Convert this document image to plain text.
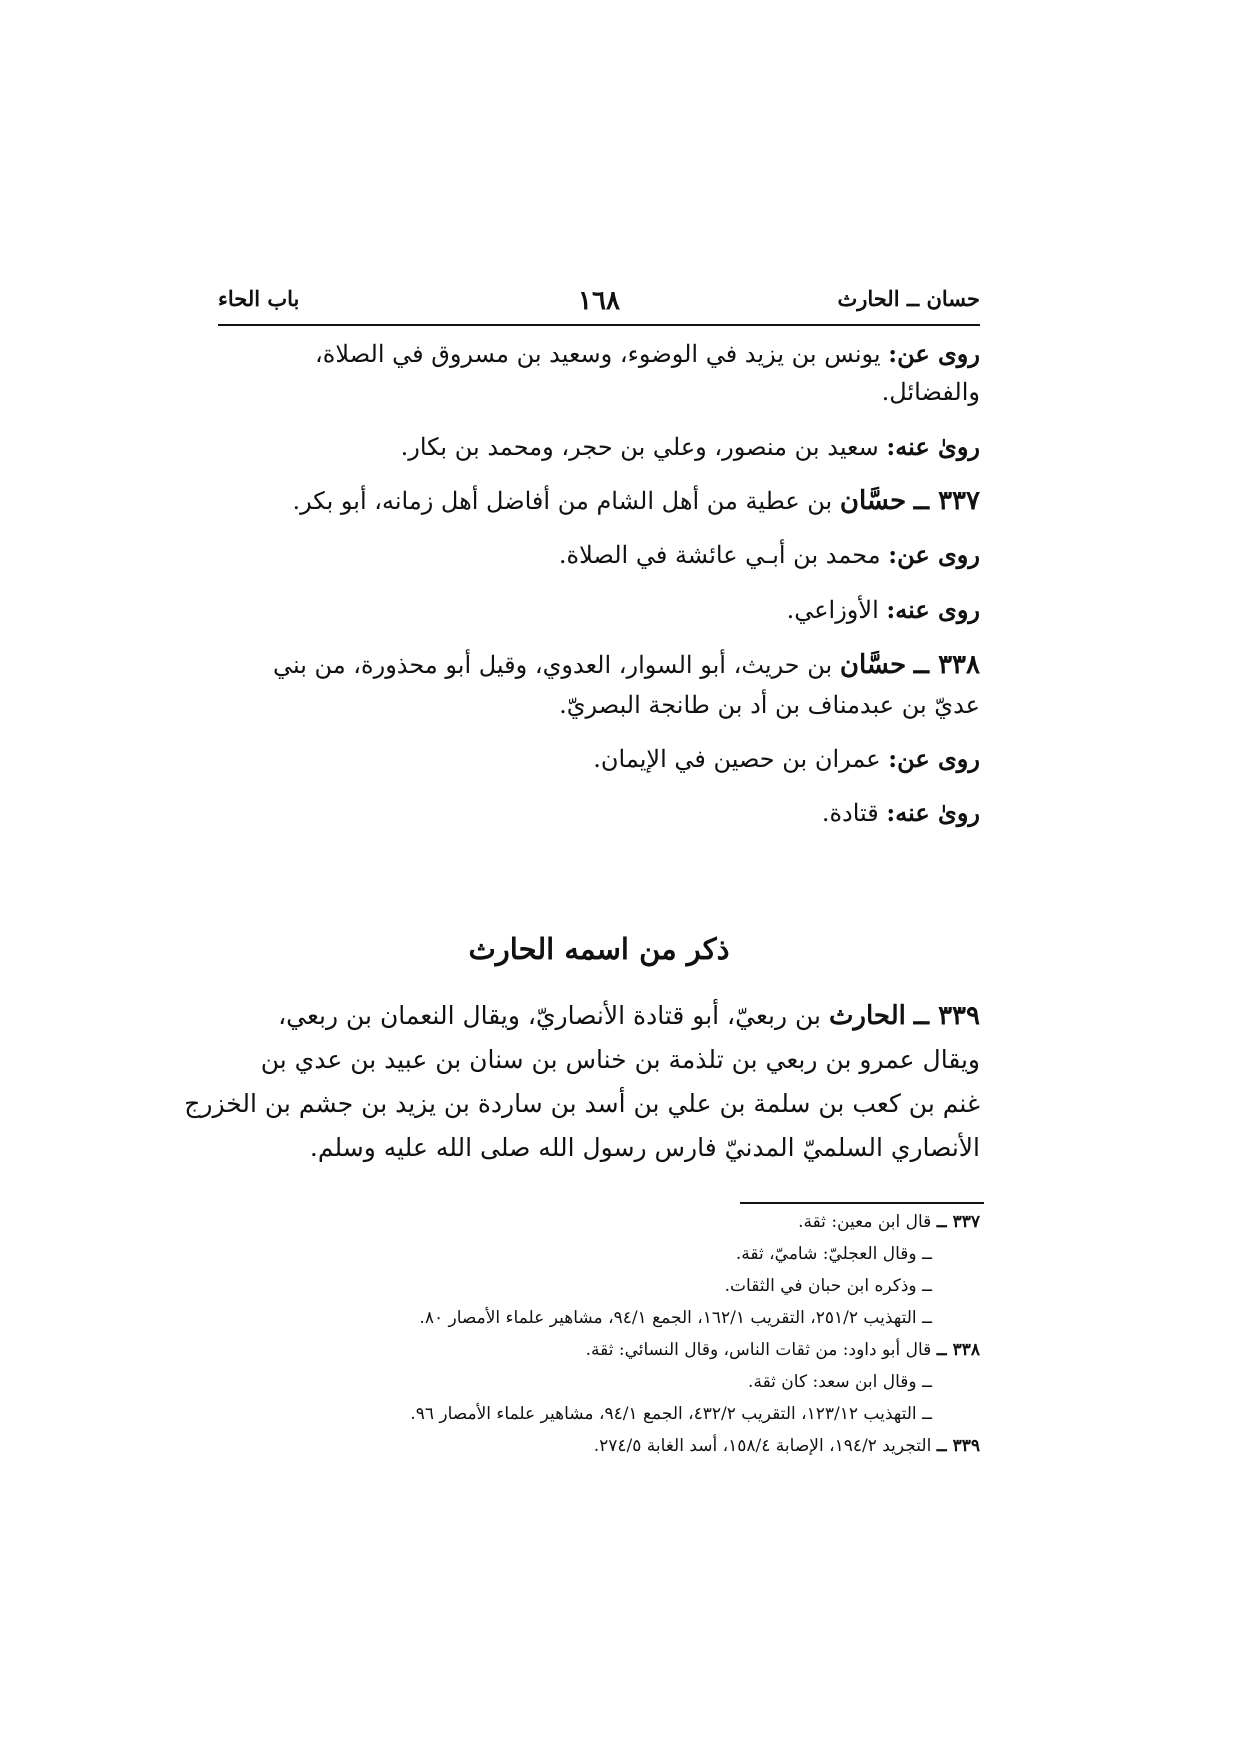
حسان ــ الحارث
١٦٨
باب الحاء
روى عن: يونس بن يزيد في الوضوء، وسعيد بن مسروق في الصلاة،
والفضائل.
روىٰ عنه: سعيد بن منصور، وعلي بن حجر، ومحمد بن بكار.
٣٣٧ ــ حسَّان بن عطية من أهل الشام من أفاضل أهل زمانه، أبو بكر.
روى عن: محمد بن أبـي عائشة في الصلاة.
روى عنه: الأوزاعي.
٣٣٨ ــ حسَّان بن حريث، أبو السوار، العدوي، وقيل أبو محذورة، من بني
عديّ بن عبدمناف بن أد بن طانجة البصريّ.
روى عن: عمران بن حصين في الإيمان.
روىٰ عنه: قتادة.
ذكر من اسمه الحارث
٣٣٩ ــ الحارث بن ربعيّ، أبو قتادة الأنصاريّ، ويقال النعمان بن ربعي،
ويقال عمرو بن ربعي بن تلذمة بن خناس بن سنان بن عبيد بن عدي بن
غنم بن كعب بن سلمة بن علي بن أسد بن ساردة بن يزيد بن جشم بن الخزرج
الأنصاري السلميّ المدنيّ فارس رسول الله صلى الله عليه وسلم.
٣٣٧ ــ قال ابن معين: ثقة.
ــ وقال العجليّ: شاميّ، ثقة.
ــ وذكره ابن حبان في الثقات.
ــ التهذيب ٢٥١/٢، التقريب ١٦٢/١، الجمع ٩٤/١، مشاهير علماء الأمصار ٨٠.
٣٣٨ ــ قال أبو داود: من ثقات الناس، وقال النسائي: ثقة.
ــ وقال ابن سعد: كان ثقة.
ــ التهذيب ١٢٣/١٢، التقريب ٤٣٢/٢، الجمع ٩٤/١، مشاهير علماء الأمصار ٩٦.
٣٣٩ ــ التجريد ١٩٤/٢، الإصابة ١٥٨/٤، أسد الغابة ٢٧٤/٥.
